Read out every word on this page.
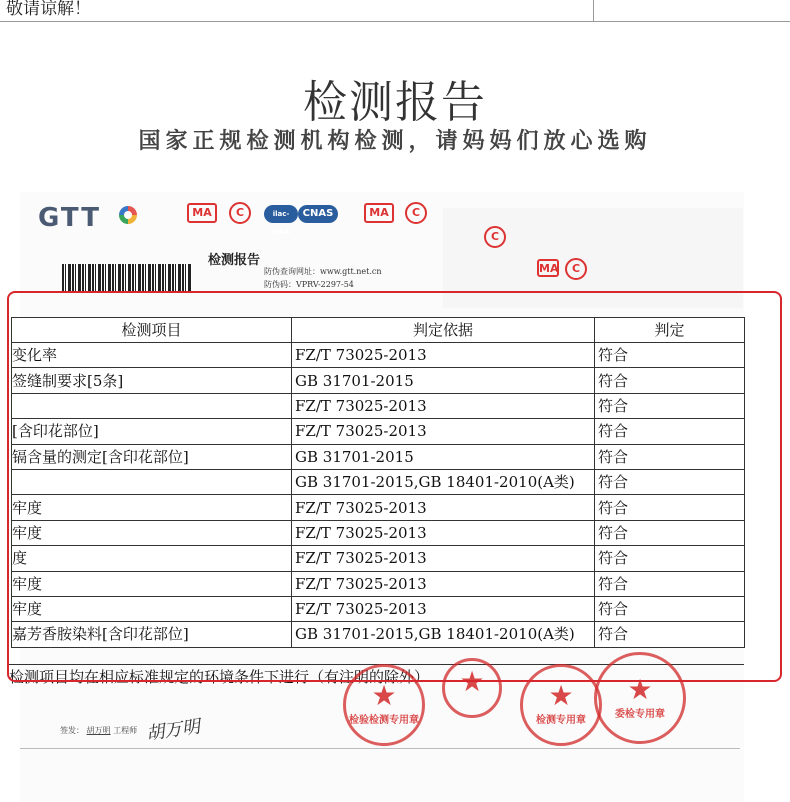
敬请谅解！
检测报告
国家正规检测机构检测，请妈妈们放心选购
GTT	MA	C	ilac-MRA
CNAS	MA	C
C
MA	C
检测报告
防伪查询网址：www.gtt.net.cn
防伪码：VPRV-2297-54
检测项目	判定依据	判定
变化率	FZ/T 73025-2013	符合
签缝制要求[5条]	GB 31701-2015	符合
	FZ/T 73025-2013	符合
[含印花部位]	FZ/T 73025-2013	符合
镉含量的测定[含印花部位]	GB 31701-2015	符合
	GB 31701-2015,GB 18401-2010(A类)	符合
牢度	FZ/T 73025-2013	符合
牢度	FZ/T 73025-2013	符合
度	FZ/T 73025-2013	符合
牢度	FZ/T 73025-2013	符合
牢度	FZ/T 73025-2013	符合
嘉芳香胺染料[含印花部位]	GB 31701-2015,GB 18401-2010(A类)	符合
检测项目均在相应标准规定的环境条件下进行（有注明的除外）
★
检验检测专用章
★	★
检测专用章
★
委检专用章
签发： 胡万明 工程师 胡万明
